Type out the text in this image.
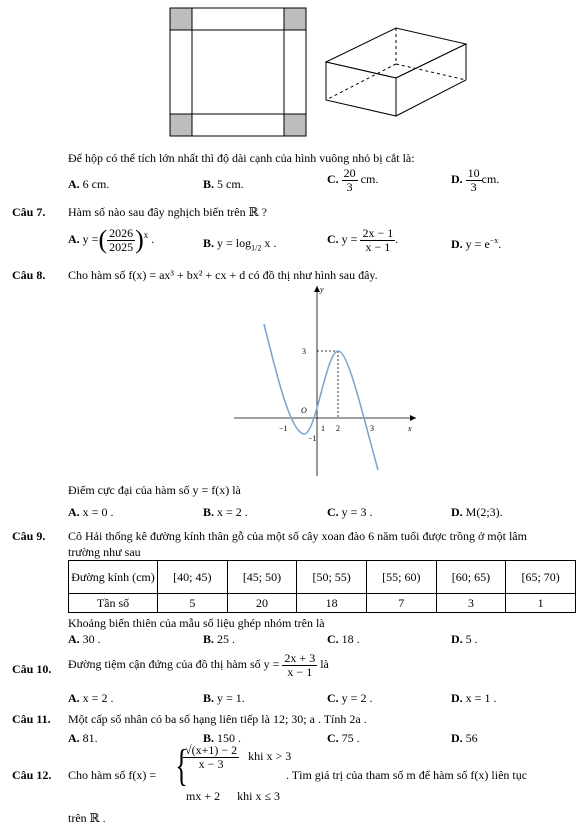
Để hộp có thể tích lớn nhất thì độ dài cạnh của hình vuông nhỏ bị cắt là:
A. 6 cm.	B. 5 cm.	C. $\frac{20}{3}$ cm.	D. $\frac{10}{3}$ cm.
Câu 7. Hàm số nào sau đây nghịch biến trên ℝ ?
A. y =( $\frac{2026}{2025} )^x$ .	B. $y = \log_{1/2} x$ .	C. $y = \frac{2x - 1}{x - 1}$ .	D. $y = e^{-x}$.
Câu 8. Cho hàm số f(x) = ax³ + bx² + cx + d có đồ thị như hình sau đây.
y
x
O
3
−1	1 2	3
−1
Điểm cực đại của hàm số y = f(x) là
A. x = 0 .	B. x = 2 .	C. y = 3 .	D. M(2;3).
Câu 9. Cô Hải thống kê đường kính thân gỗ của một số cây xoan đào 6 năm tuổi được trồng ở một lâm
trường như sau
Đường kính (cm)	[40; 45)	[45; 50)	[50; 55)	[55; 60)	[60; 65)	[65; 70)
Tần số	5	20	18	7	3	1
Khoảng biến thiên của mẫu số liệu ghép nhóm trên là
A. 30 .	B. 25 .	C. 18 .	D. 5 .
Câu 10. Đường tiệm cận đứng của đồ thị hàm số $y = \frac{2x + 3}{x - 1}$ là
A. x = 2 .	B. y = 1.	C. y = 2 .	D. x = 1 .
Câu 11. Một cấp số nhân có ba số hạng liên tiếp là 12; 30; a . Tính 2a .
A. 81.	B. 150 .	C. 75 .	D. 56
Câu 12. Cho hàm số f(x) = {
$\frac{√(x+1) - 2}{x - 3}$ khi x > 3
mx + 2 khi x ≤ 3
. Tìm giá trị của tham số m để hàm số f(x) liên tục
trên ℝ .
